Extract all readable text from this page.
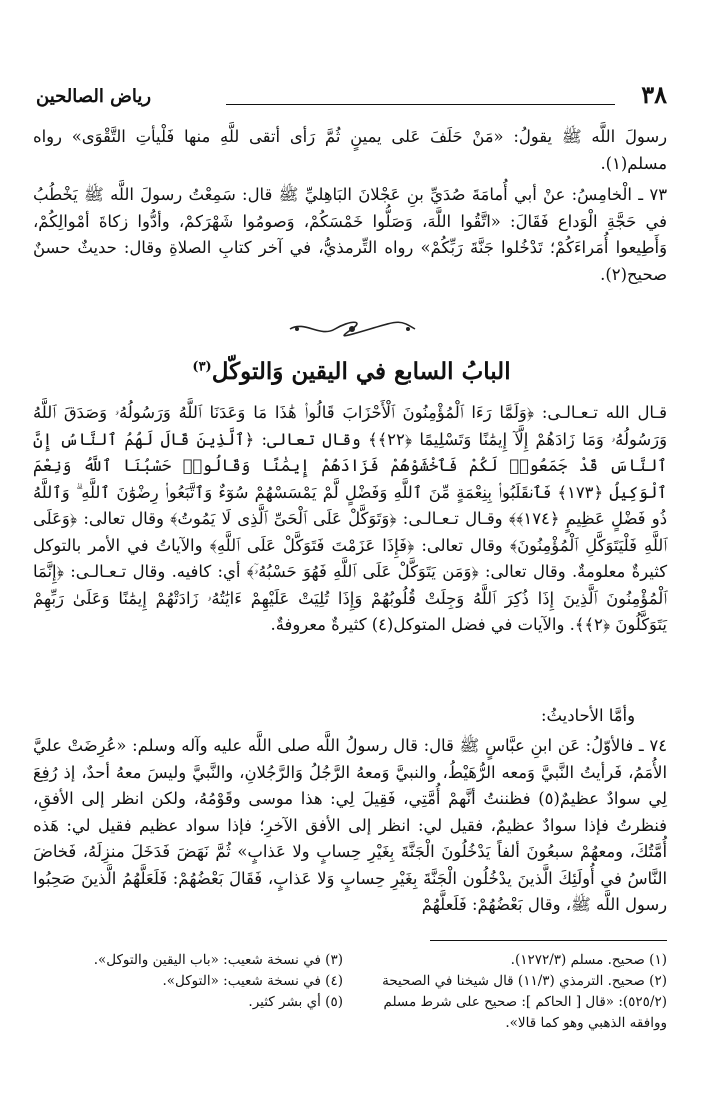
٣٨
رياض الصالحين

رسولَ اللَّه ﷺ يقولُ: «مَنْ حَلَفَ عَلى يمينٍ ثُمَّ رَأى أتقى للَّهِ منها فَلْيأتِ التَّقْوَى» رواه مسلم(١).

٧٣ ـ الْخامِسُ: عنْ أبي أُمامَةَ صُدَيِّ بنِ عَجْلانَ البَاهِليِّ ﷺ قال: سَمِعْتُ رسولَ اللَّه ﷺ يَخْطُبُ في حَجَّةِ الْوَداع فَقَالَ: «اتَّقُوا اللَّهَ، وَصَلُّوا خَمْسَكُمْ، وَصومُوا شَهْرَكمْ، وأدُّوا زكاةَ أمْوالِكُمْ، وَأَطِيعوا أُمَراءَكُمْ؛ تَدْخُلوا جَنَّةَ رَبِّكُمْ» رواه التِّرمذيُّ، في آخر كتابِ الصلاةِ وقال: حديثٌ حسنٌ صحيح(٢).

البابُ السابع في اليقين وَالتوكّل$^{(٣)}$

قـال الله تـعـالـى: ﴿وَلَمَّا رَءَا ٱلْمُؤْمِنُونَ ٱلْأَحْزَابَ قَالُوا۟ هَٰذَا مَا وَعَدَنَا ٱللَّهُ وَرَسُولُهُۥ وَصَدَقَ ٱللَّهُ وَرَسُولُهُۥ وَمَا زَادَهُمْ إِلَّآ إِيمَٰنًا وَتَسْلِيمًا ﴿٢٢﴾﴾ وقال تعالى: ﴿ٱلَّذِينَ قَالَ لَهُمُ ٱلنَّاسُ إِنَّ ٱلنَّاسَ قَدْ جَمَعُوا۟ لَكُمْ فَٱخْشَوْهُمْ فَزَادَهُمْ إِيمَٰنًا وَقَالُوا۟ حَسْبُنَا ٱللَّهُ وَنِعْمَ ٱلْوَكِيلُ ﴿١٧٣﴾ فَٱنقَلَبُوا۟ بِنِعْمَةٍ مِّنَ ٱللَّهِ وَفَضْلٍ لَّمْ يَمْسَسْهُمْ سُوٓءٌ وَٱتَّبَعُوا۟ رِضْوَٰنَ ٱللَّهِ ۗ وَٱللَّهُ ذُو فَضْلٍ عَظِيمٍ ﴿١٧٤﴾﴾ وقـال تـعـالـى: ﴿وَتَوَكَّلْ عَلَى ٱلْحَىِّ ٱلَّذِى لَا يَمُوتُ﴾ وقال تعالى: ﴿وَعَلَى ٱللَّهِ فَلْيَتَوَكَّلِ ٱلْمُؤْمِنُونَ﴾ وقال تعالى: ﴿فَإِذَا عَزَمْتَ فَتَوَكَّلْ عَلَى ٱللَّهِ﴾ والآياتُ في الأمر بالتوكل كثيرةٌ معلومةٌ. وقال تعالى: ﴿وَمَن يَتَوَكَّلْ عَلَى ٱللَّهِ فَهُوَ حَسْبُهُۥٓ﴾ أي: كافيه. وقال تـعـالـى: ﴿إِنَّمَا ٱلْمُؤْمِنُونَ ٱلَّذِينَ إِذَا ذُكِرَ ٱللَّهُ وَجِلَتْ قُلُوبُهُمْ وَإِذَا تُلِيَتْ عَلَيْهِمْ ءَايَٰتُهُۥ زَادَتْهُمْ إِيمَٰنًا وَعَلَىٰ رَبِّهِمْ يَتَوَكَّلُونَ ﴿٢﴾﴾. والآيات في فضل المتوكل(٤) كثيرةٌ معروفةٌ.

وأمَّا الأحاديثُ:

٧٤ ـ فالأوّلُ: عَن ابنِ عبَّاسٍ ﷺ قال: قال رسولُ اللَّه صلى اللَّه عليه وآله وسلم: «عُرِضَتْ عليَّ الأُمَمُ، فَرأيتُ النَّبيَّ وَمعه الرُّهَيْطُ، والنبيَّ وَمعهُ الرَّجُلُ وَالرَّجُلانِ، والنَّبيَّ وليسَ معهُ أحدٌ، إذ رُفِعَ لِي سوادٌ عظيمٌ(٥) فظننتُ أنَّهمْ أُمَّتِي، فَقِيلَ لِي: هذا موسى وقَوْمُهُ، ولكن انظر إلى الأفقِ، فنظرتُ فإذا سوادٌ عظيمٌ، فقيل لي: انظر إلى الأفق الآخرِ؛ فإذا سواد عظيم فقيل لي: هَذه أُمَّتُكَ، ومعهُمْ سبعُونَ ألفاً يَدْخُلُونَ الْجَنَّةَ بِغَيْرِ حِسابٍ ولا عَذابٍ» ثُمَّ نَهَضَ فَدَخَلَ منزِلَهُ، فَخاضَ النَّاسُ في أُولَئِكَ الَّذينَ يدْخُلُون الْجَنَّةَ بِغَيْرِ حِسابٍ وَلا عَذابٍ، فَقَالَ بَعْضُهُمْ: فَلَعَلَّهُمُ الَّذينَ صَحِبُوا رسول اللَّه ﷺ، وقال بَعْضُهُمْ: فَلَعلَّهُمْ

(١) صحيح. مسلم (١٢٧٢/٣).
(٢) صحيح. الترمذي (١١/٣) قال شيخنا في الصحيحة (٥٢٥/٢): «قال [ الحاكم ]: صحيح على شرط مسلم ووافقه الذهبي وهو كما قالا».
(٣) في نسخة شعيب: «باب اليقين والتوكل».
(٤) في نسخة شعيب: «التوكل».
(٥) أي بشر كثير.
